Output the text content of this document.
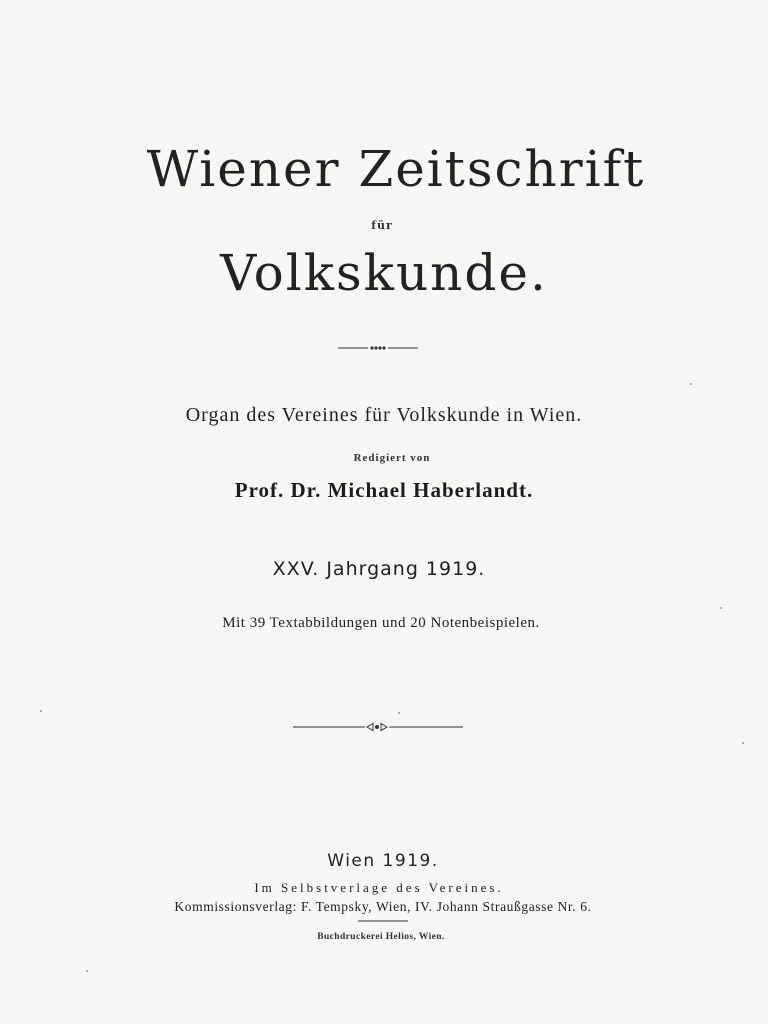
Wiener Zeitschrift
für
Volkskunde.
Organ des Vereines für Volkskunde in Wien.
Redigiert von
Prof. Dr. Michael Haberlandt.
XXV. Jahrgang 1919.
Mit 39 Textabbildungen und 20 Notenbeispielen.
Wien 1919.
Im Selbstverlage des Vereines.
Kommissionsverlag: F. Tempsky, Wien, IV. Johann Straußgasse Nr. 6.
Buchdruckerei Helios, Wien.
